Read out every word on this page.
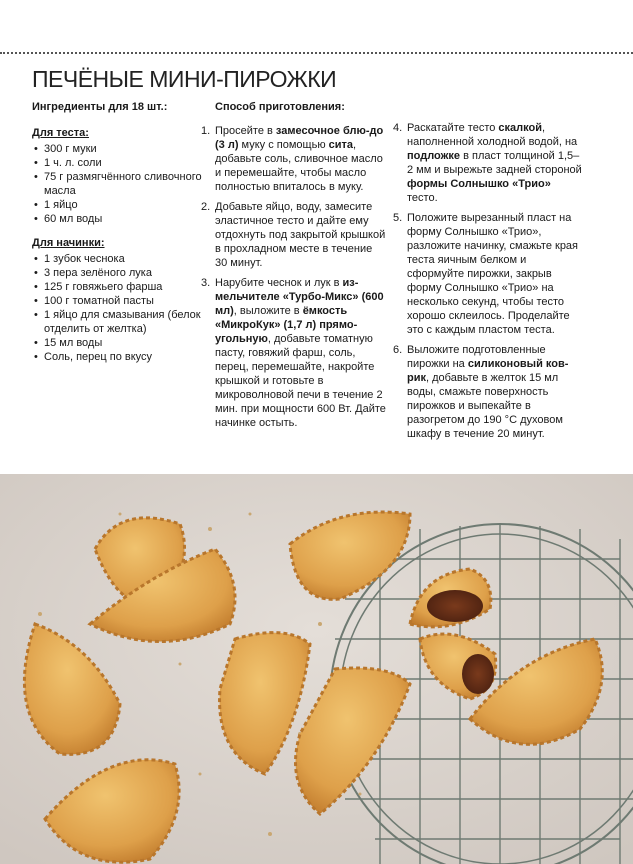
ПЕЧЁНЫЕ МИНИ-ПИРОЖКИ
Ингредиенты для 18 шт.:
Для теста:
• 300 г муки
• 1 ч. л. соли
• 75 г размягчённого сливочного масла
• 1 яйцо
• 60 мл воды
Для начинки:
• 1 зубок чеснока
• 3 пера зелёного лука
• 125 г говяжьего фарша
• 100 г томатной пасты
• 1 яйцо для смазывания (белок отделить от желтка)
• 15 мл воды
• Соль, перец по вкусу
Способ приготовления:
1. Просейте в замесочное блю-до (3 л) муку с помощью сита, добавьте соль, сливочное масло и перемешайте, чтобы масло полностью впиталось в муку.
2. Добавьте яйцо, воду, замесите эластичное тесто и дайте ему отдохнуть под закрытой крышкой в прохладном месте в течение 30 минут.
3. Нарубите чеснок и лук в из-мельчителе «Турбо-Микс» (600 мл), выложите в ёмкость «МикроКук» (1,7 л) прямо-угольную, добавьте томатную пасту, говяжий фарш, соль, перец, перемешайте, накройте крышкой и готовьте в микроволновой печи в течение 2 мин. при мощности 600 Вт. Дайте начинке остыть.
4. Раскатайте тесто скалкой, наполненной холодной водой, на подложке в пласт толщиной 1,5–2 мм и вырежьте задней стороной формы Солнышко «Трио» тесто.
5. Положите вырезанный пласт на форму Солнышко «Трио», разложите начинку, смажьте края теста яичным белком и сформуйте пирожки, закрыв форму Солнышко «Трио» на несколько секунд, чтобы тесто хорошо склеилось. Проделайте это с каждым пластом теста.
6. Выложите подготовленные пирожки на силиконовый ков-рик, добавьте в желток 15 мл воды, смажьте поверхность пирожков и выпекайте в разогретом до 190 °С духовом шкафу в течение 20 минут.
